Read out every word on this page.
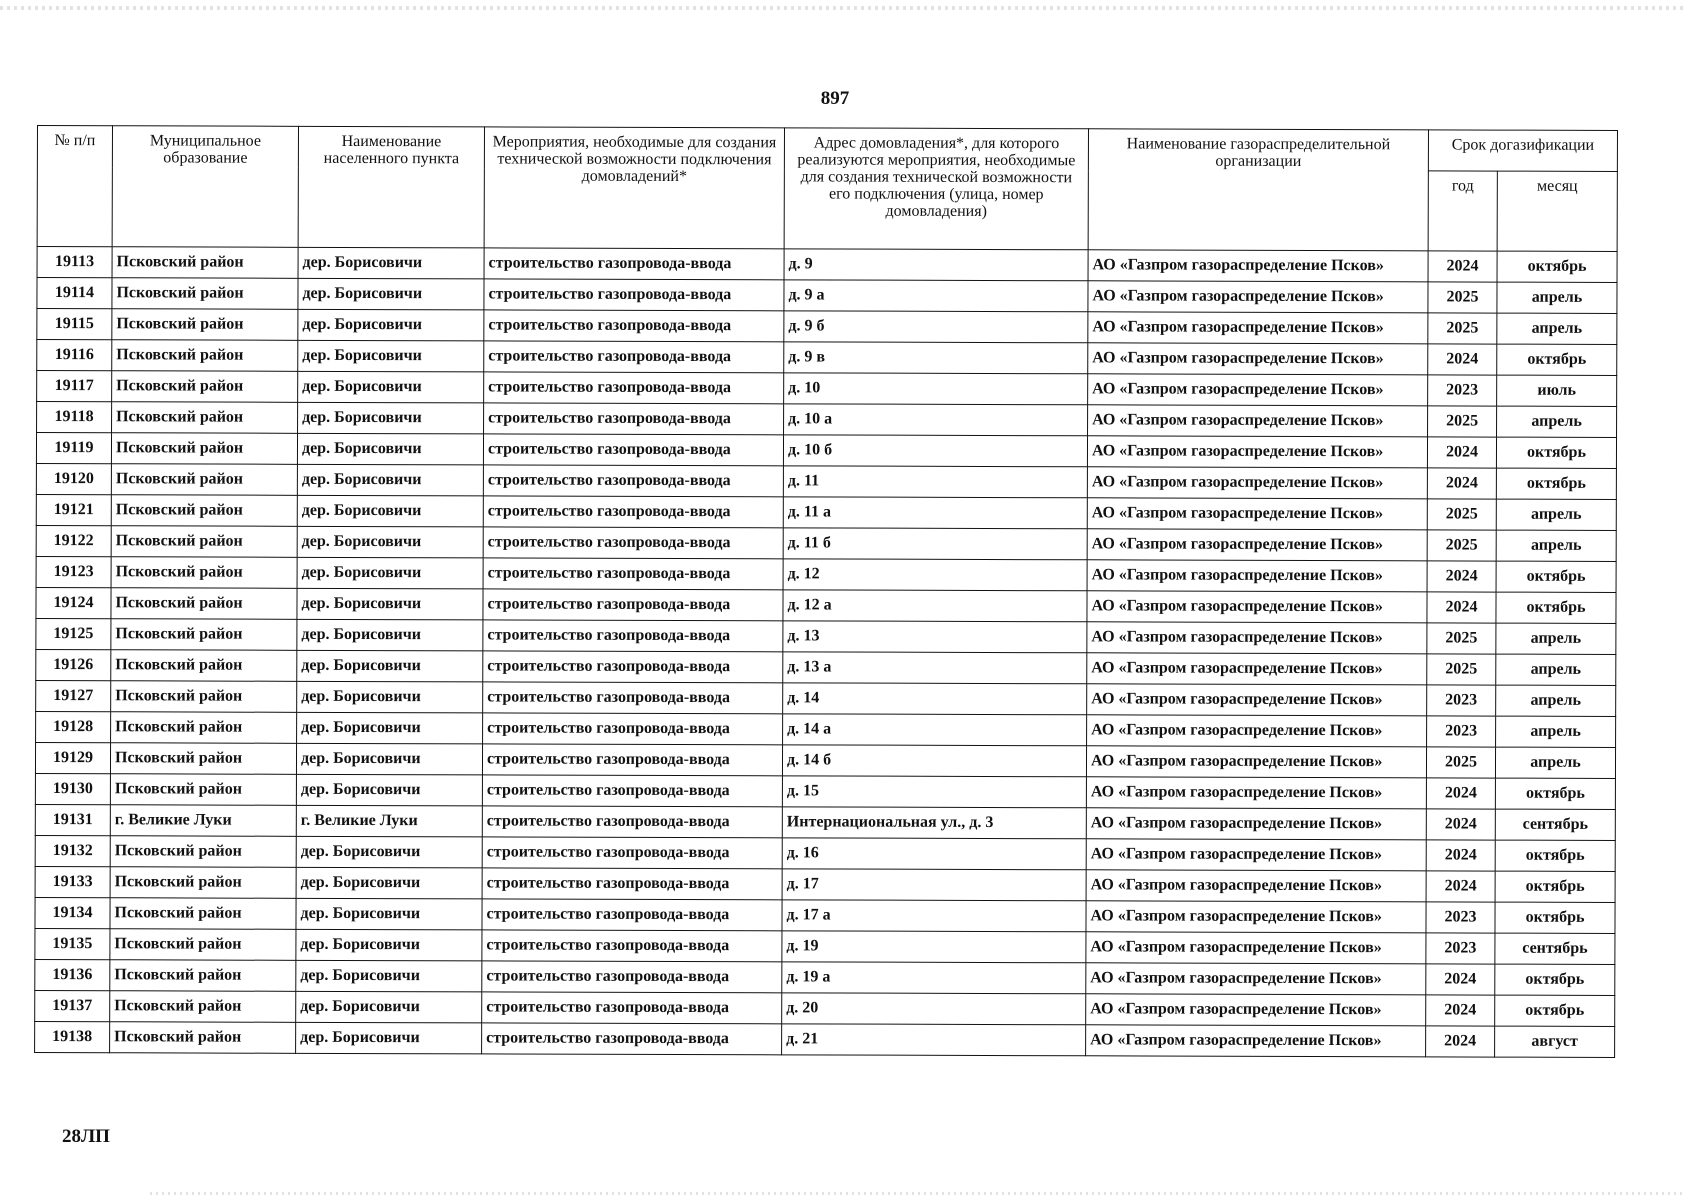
897
№ п/п	Муниципальное образование	Наименование населенного пункта	Мероприятия, необходимые для создания технической возможности подключения домовладений*	Адрес домовладения*, для которого реализуются мероприятия, необходимые для создания технической возможности его подключения (улица, номер домовладения)	Наименование газораспределительной организации	Срок догазификации	
						год	месяц
19113	Псковский район	дер. Борисовичи	строительство газопровода-ввода	д. 9	АО «Газпром газораспределение Псков»	2024	октябрь
19114	Псковский район	дер. Борисовичи	строительство газопровода-ввода	д. 9 а	АО «Газпром газораспределение Псков»	2025	апрель
19115	Псковский район	дер. Борисовичи	строительство газопровода-ввода	д. 9 б	АО «Газпром газораспределение Псков»	2025	апрель
19116	Псковский район	дер. Борисовичи	строительство газопровода-ввода	д. 9 в	АО «Газпром газораспределение Псков»	2024	октябрь
19117	Псковский район	дер. Борисовичи	строительство газопровода-ввода	д. 10	АО «Газпром газораспределение Псков»	2023	июль
19118	Псковский район	дер. Борисовичи	строительство газопровода-ввода	д. 10 а	АО «Газпром газораспределение Псков»	2025	апрель
19119	Псковский район	дер. Борисовичи	строительство газопровода-ввода	д. 10 б	АО «Газпром газораспределение Псков»	2024	октябрь
19120	Псковский район	дер. Борисовичи	строительство газопровода-ввода	д. 11	АО «Газпром газораспределение Псков»	2024	октябрь
19121	Псковский район	дер. Борисовичи	строительство газопровода-ввода	д. 11 а	АО «Газпром газораспределение Псков»	2025	апрель
19122	Псковский район	дер. Борисовичи	строительство газопровода-ввода	д. 11 б	АО «Газпром газораспределение Псков»	2025	апрель
19123	Псковский район	дер. Борисовичи	строительство газопровода-ввода	д. 12	АО «Газпром газораспределение Псков»	2024	октябрь
19124	Псковский район	дер. Борисовичи	строительство газопровода-ввода	д. 12 а	АО «Газпром газораспределение Псков»	2024	октябрь
19125	Псковский район	дер. Борисовичи	строительство газопровода-ввода	д. 13	АО «Газпром газораспределение Псков»	2025	апрель
19126	Псковский район	дер. Борисовичи	строительство газопровода-ввода	д. 13 а	АО «Газпром газораспределение Псков»	2025	апрель
19127	Псковский район	дер. Борисовичи	строительство газопровода-ввода	д. 14	АО «Газпром газораспределение Псков»	2023	апрель
19128	Псковский район	дер. Борисовичи	строительство газопровода-ввода	д. 14 а	АО «Газпром газораспределение Псков»	2023	апрель
19129	Псковский район	дер. Борисовичи	строительство газопровода-ввода	д. 14 б	АО «Газпром газораспределение Псков»	2025	апрель
19130	Псковский район	дер. Борисовичи	строительство газопровода-ввода	д. 15	АО «Газпром газораспределение Псков»	2024	октябрь
19131	г. Великие Луки	г. Великие Луки	строительство газопровода-ввода	Интернациональная ул., д. 3	АО «Газпром газораспределение Псков»	2024	сентябрь
19132	Псковский район	дер. Борисовичи	строительство газопровода-ввода	д. 16	АО «Газпром газораспределение Псков»	2024	октябрь
19133	Псковский район	дер. Борисовичи	строительство газопровода-ввода	д. 17	АО «Газпром газораспределение Псков»	2024	октябрь
19134	Псковский район	дер. Борисовичи	строительство газопровода-ввода	д. 17 а	АО «Газпром газораспределение Псков»	2023	октябрь
19135	Псковский район	дер. Борисовичи	строительство газопровода-ввода	д. 19	АО «Газпром газораспределение Псков»	2023	сентябрь
19136	Псковский район	дер. Борисовичи	строительство газопровода-ввода	д. 19 а	АО «Газпром газораспределение Псков»	2024	октябрь
19137	Псковский район	дер. Борисовичи	строительство газопровода-ввода	д. 20	АО «Газпром газораспределение Псков»	2024	октябрь
19138	Псковский район	дер. Борисовичи	строительство газопровода-ввода	д. 21	АО «Газпром газораспределение Псков»	2024	август
28ЛП
